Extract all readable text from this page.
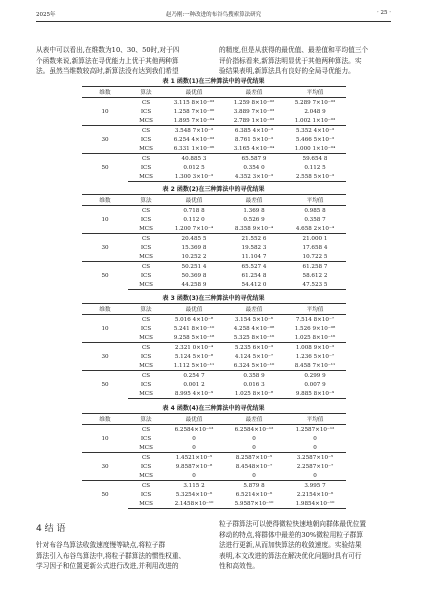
2025年	赵乃刚:一种改进的布谷鸟搜索算法研究	· 25 ·
从表中可以看出,在维数为10、30、50时,对于四
个函数来说,新算法在寻优能力上优于其他两种算
法。虽然当维数较高时,新算法没有达到我们希望
的精度,但是从获得的最优值、最差值和平均值三个
评价指标看来,新算法明显优于其他两种算法。实
验结果表明,新算法具有良好的全局寻优能力。
4 结 语
针对布谷鸟算法收敛速度慢等缺点,将粒子群
算法引入布谷鸟算法中,将粒子群算法的惯性权重、
学习因子和位置更新公式进行改进,并利用改进的
粒子群算法可以使得微粒快速地朝向群体最优位置
移动的特点,将群体中最差的30%微粒用粒子群算
法进行更新,从而加快算法的收敛速度。实验结果
表明,本文改进的算法在解决优化问题时具有可行
性和高效性。
表 1 函数(1)在三种算法中的寻优结果
维数	算法	最优值	最差值	平均值
10	CS	3.115 8×10⁻⁰³	1.259 8×10⁻⁰²	5.289 7×10⁻⁰³
	ICS	1.258 7×10⁻⁰⁰	3.889 7×10⁻⁰³	2.048 9
	MCS	1.895 7×10⁻⁰⁴	2.789 1×10⁻⁰³	1.002 1×10⁻⁰³
30	CS	3.548 7×10⁻³	6.385 4×10⁻³	5.352 4×10⁻³
	ICS	6.254 4×10⁻⁰³	8.761 5×10⁻³	5.466 5×10⁻³
	MCS	6.331 1×10⁻⁰⁶	3.165 4×10⁻⁰⁴	1.000 1×10⁻⁰⁴
50	CS	40.885 3	65.587 9	59.654 8
	ICS	0.012 5	0.354 0	0.112 5
	MCS	1.300 3×10⁻³	4.352 3×10⁻³	2.558 5×10⁻³
表 2 函数(2)在三种算法中的寻优结果
维数	算法	最优值	最差值	平均值
10	CS	0.718 8	1.369 8	0.985 8
	ICS	0.112 0	0.526 9	0.358 7
	MCS	1.200 7×10⁻⁴	8.358 9×10⁻⁴	4.658 2×10⁻⁴
30	CS	20.485 5	21.552 6	21.000 1
	ICS	15.369 8	19.582 3	17.658 4
	MCS	10.252 2	11.104 7	10.722 5
50	CS	50.251 4	65.527 4	61.258 7
	ICS	50.369 8	61.254 8	58.612 2
	MCS	44.258 9	54.412 0	47.523 5
表 3 函数(3)在三种算法中的寻优结果
维数	算法	最优值	最差值	平均值
10	CS	5.016 4×10⁻⁸	3.154 5×10⁻⁶	7.514 8×10⁻⁷
	ICS	5.241 8×10⁻¹⁰	4.258 4×10⁻⁰⁸	1.526 9×10⁻⁰⁸
	MCS	9.258 5×10⁻¹⁸	5.325 8×10⁻¹⁶	1.025 8×10⁻¹⁶
30	CS	2.321 0×10⁻⁴	5.235 6×10⁻³	1.008 9×10⁻³
	ICS	5.124 5×10⁻⁸	4.124 5×10⁻⁷	1.236 5×10⁻⁷
	MCS	1.112 5×10⁻¹¹	6.324 5×10⁻¹⁰	8.458 7×10⁻¹¹
50	CS	0.254 7	0.358 9	0.299 9
	ICS	0.001 2	0.016 3	0.007 9
	MCS	8.995 4×10⁻⁹	1.025 8×10⁻⁸	9.885 8×10⁻⁹
表 4 函数(4)在三种算法中的寻优结果
维数	算法	最优值	最差值	平均值
10	CS	6.2584×10⁻¹³	6.2584×10⁻¹²	1.2587×10⁻¹²
	ICS	0	0	0
	MCS	0	0	0
30	CS	1.4521×10⁻⁵	8.2587×10⁻⁵	3.2587×10⁻⁵
	ICS	9.8587×10⁻⁸	8.4548×10⁻⁷	2.2587×10⁻⁷
	MCS	0	0	0
50	CS	3.115 2	5.879 8	3.995 7
	ICS	5.3254×10⁻⁶	6.5214×10⁻⁶	2.2154×10⁻⁶
	MCS	2.1458×10⁻¹⁰	5.9587×10⁻¹⁰	1.9854×10⁻¹⁰
